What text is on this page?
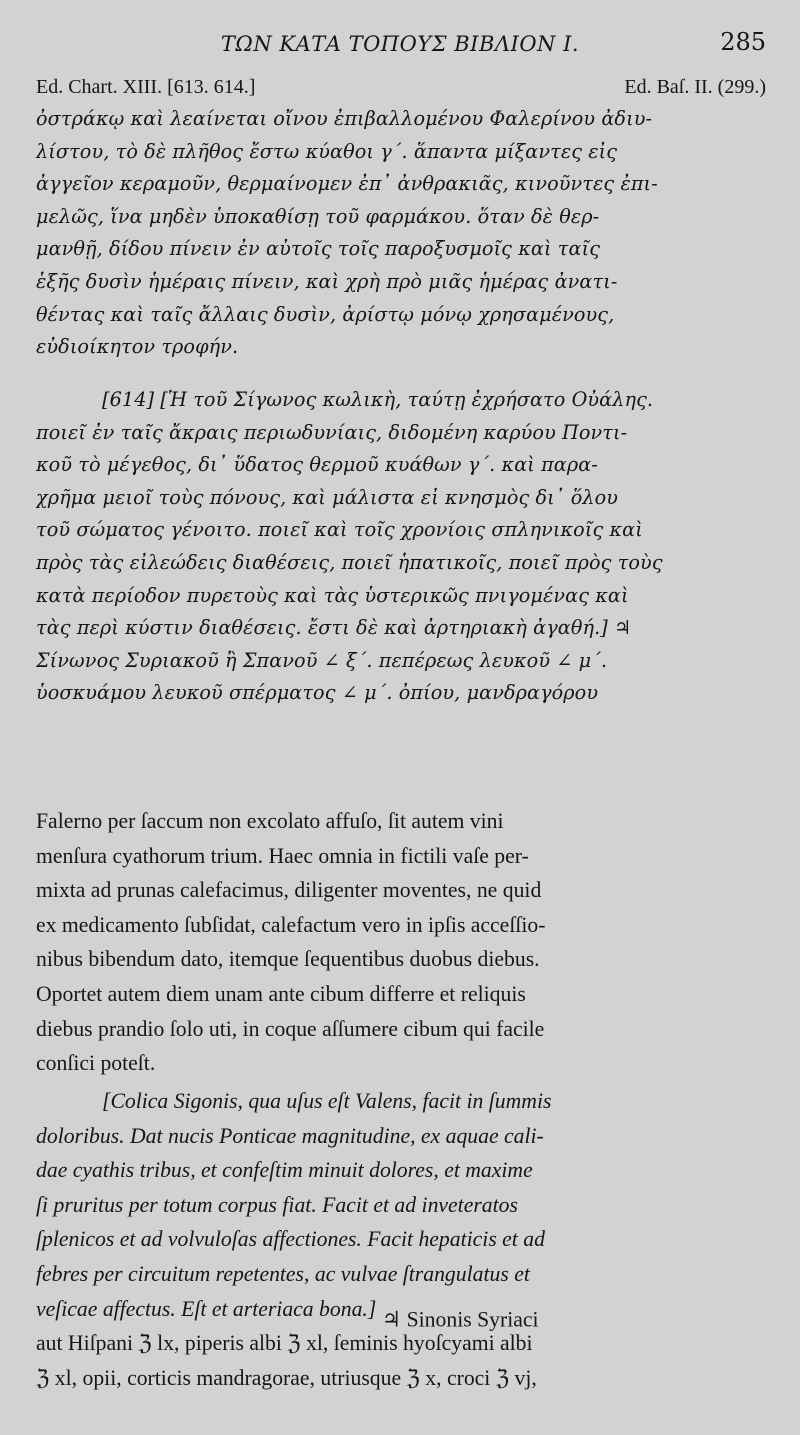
ΤΩΝ ΚΑΤΑ ΤΟΠΟΥΣ ΒΙΒΛΙΟΝ Ι.	285
Ed. Chart. XIII. [613. 614.]	Ed. Baſ. II. (299.)
ὀστράκῳ καὶ λεαίνεται οἴνου ἐπιβαλλομένου Φαλερίνου ἀδιυ-
λίστου, τὸ δὲ πλῆθος ἔστω κύαθοι γ΄. ἅπαντα μίξαντες εἰς
ἀγγεῖον κεραμοῦν, θερμαίνομεν ἐπ᾽ ἀνθρακιᾶς, κινοῦντες ἐπι-
μελῶς, ἵνα μηδὲν ὑποκαθίσῃ τοῦ φαρμάκου. ὅταν δὲ θερ-
μανθῇ, δίδου πίνειν ἐν αὐτοῖς τοῖς παροξυσμοῖς καὶ ταῖς
ἑξῆς δυσὶν ἡμέραις πίνειν, καὶ χρὴ πρὸ μιᾶς ἡμέρας ἀνατι-
θέντας καὶ ταῖς ἄλλαις δυσὶν, ἀρίστῳ μόνῳ χρησαμένους,
εὐδιοίκητον τροφήν.
[614] [Ἡ τοῦ Σίγωνος κωλικὴ, ταύτῃ ἐχρήσατο Οὐάλης.
ποιεῖ ἐν ταῖς ἄκραις περιωδυνίαις, διδομένη καρύου Ποντι-
κοῦ τὸ μέγεθος, δι᾽ ὕδατος θερμοῦ κυάθων γ΄. καὶ παρα-
χρῆμα μειοῖ τοὺς πόνους, καὶ μάλιστα εἰ κνησμὸς δι᾽ ὅλου
τοῦ σώματος γένοιτο. ποιεῖ καὶ τοῖς χρονίοις σπληνικοῖς καὶ
πρὸς τὰς εἰλεώδεις διαθέσεις, ποιεῖ ἡπατικοῖς, ποιεῖ πρὸς τοὺς
κατὰ περίοδον πυρετοὺς καὶ τὰς ὑστερικῶς πνιγομένας καὶ
τὰς περὶ κύστιν διαθέσεις. ἔστι δὲ καὶ ἀρτηριακὴ ἀγαθή.] ♃
Σίνωνος Συριακοῦ ἢ Σπανοῦ ∠ ξ΄. πεπέρεως λευκοῦ ∠ μ΄.
ὑοσκυάμου λευκοῦ σπέρματος ∠ μ΄. ὀπίου, μανδραγόρου
Falerno per ſaccum non excolato affuſo, ſit autem vini
menſura cyathorum trium. Haec omnia in fictili vaſe per-
mixta ad prunas calefacimus, diligenter moventes, ne quid
ex medicamento ſubſidat, calefactum vero in ipſis acceſſio-
nibus bibendum dato, itemque ſequentibus duobus diebus.
Oportet autem diem unam ante cibum differre et reliquis
diebus prandio ſolo uti, in coque aſſumere cibum qui facile
conſici poteſt.
[Colica Sigonis, qua uſus eſt Valens, facit in ſummis
doloribus. Dat nucis Ponticae magnitudine, ex aquae cali-
dae cyathis tribus, et confeſtim minuit dolores, et maxime
ſi pruritus per totum corpus fiat. Facit et ad inveteratos
ſplenicos et ad volvuloſas affectiones. Facit hepaticis et ad
febres per circuitum repetentes, ac vulvae ſtrangulatus et
veſicae affectus. Eſt et arteriaca bona.] ♃ Sinonis Syriaci
aut Hiſpani ℨ lx, piperis albi ℨ xl, ſeminis hyoſcyami albi
ℨ xl, opii, corticis mandragorae, utriusque ℨ x, croci ℨ vj,
